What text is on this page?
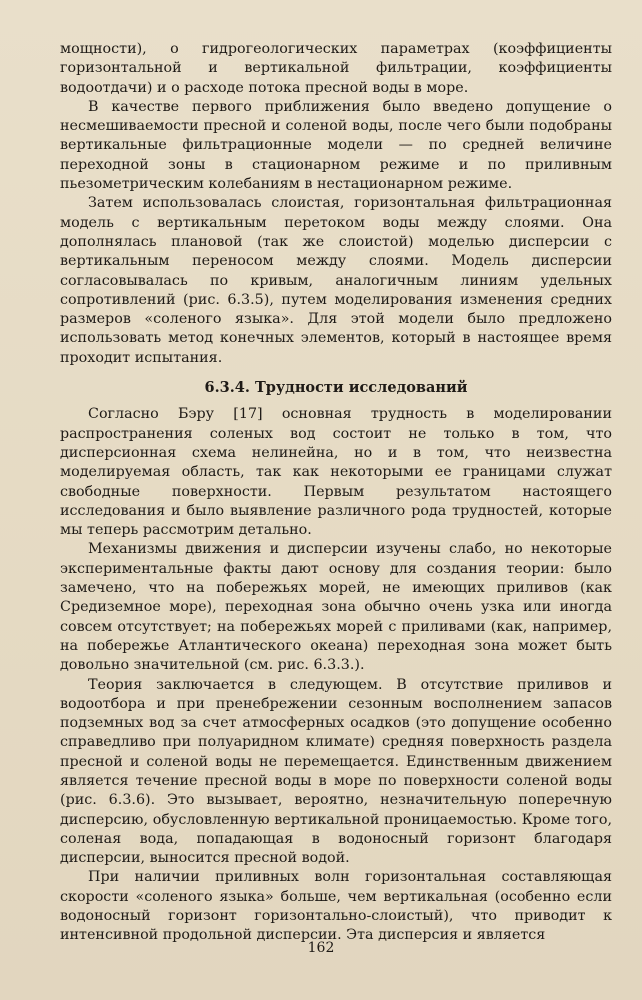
мощности), о гидрогеологических параметрах (коэффициенты горизонтальной и вертикальной фильтрации, коэффициенты водоотдачи) и о расходе потока пресной воды в море.

В качестве первого приближения было введено допущение о несмешиваемости пресной и соленой воды, после чего были подобраны вертикальные фильтрационные модели — по средней величине переходной зоны в стационарном режиме и по приливным пьезометрическим колебаниям в нестационарном режиме.

Затем использовалась слоистая, горизонтальная фильтрационная модель с вертикальным перетоком воды между слоями. Она дополнялась плановой (так же слоистой) моделью дисперсии с вертикальным переносом между слоями. Модель дисперсии согласовывалась по кривым, аналогичным линиям удельных сопротивлений (рис. 6.3.5), путем моделирования изменения средних размеров «соленого языка». Для этой модели было предложено использовать метод конечных элементов, который в настоящее время проходит испытания.

6.3.4. Трудности исследований

Согласно Бэру [17] основная трудность в моделировании распространения соленых вод состоит не только в том, что дисперсионная схема нелинейна, но и в том, что неизвестна моделируемая область, так как некоторыми ее границами служат свободные поверхности. Первым результатом настоящего исследования и было выявление различного рода трудностей, которые мы теперь рассмотрим детально.

Механизмы движения и дисперсии изучены слабо, но некоторые экспериментальные факты дают основу для создания теории: было замечено, что на побережьях морей, не имеющих приливов (как Средиземное море), переходная зона обычно очень узка или иногда совсем отсутствует; на побережьях морей с приливами (как, например, на побережье Атлантического океана) переходная зона может быть довольно значительной (см. рис. 6.3.3.).

Теория заключается в следующем. В отсутствие приливов и водоотбора и при пренебрежении сезонным восполнением запасов подземных вод за счет атмосферных осадков (это допущение особенно справедливо при полуаридном климате) средняя поверхность раздела пресной и соленой воды не перемещается. Единственным движением является течение пресной воды в море по поверхности соленой воды (рис. 6.3.6). Это вызывает, вероятно, незначительную поперечную дисперсию, обусловленную вертикальной проницаемостью. Кроме того, соленая вода, попадающая в водоносный горизонт благодаря дисперсии, выносится пресной водой.

При наличии приливных волн горизонтальная составляющая скорости «соленого языка» больше, чем вертикальная (особенно если водоносный горизонт горизонтально-слоистый), что приводит к интенсивной продольной дисперсии. Эта дисперсия и является

162
